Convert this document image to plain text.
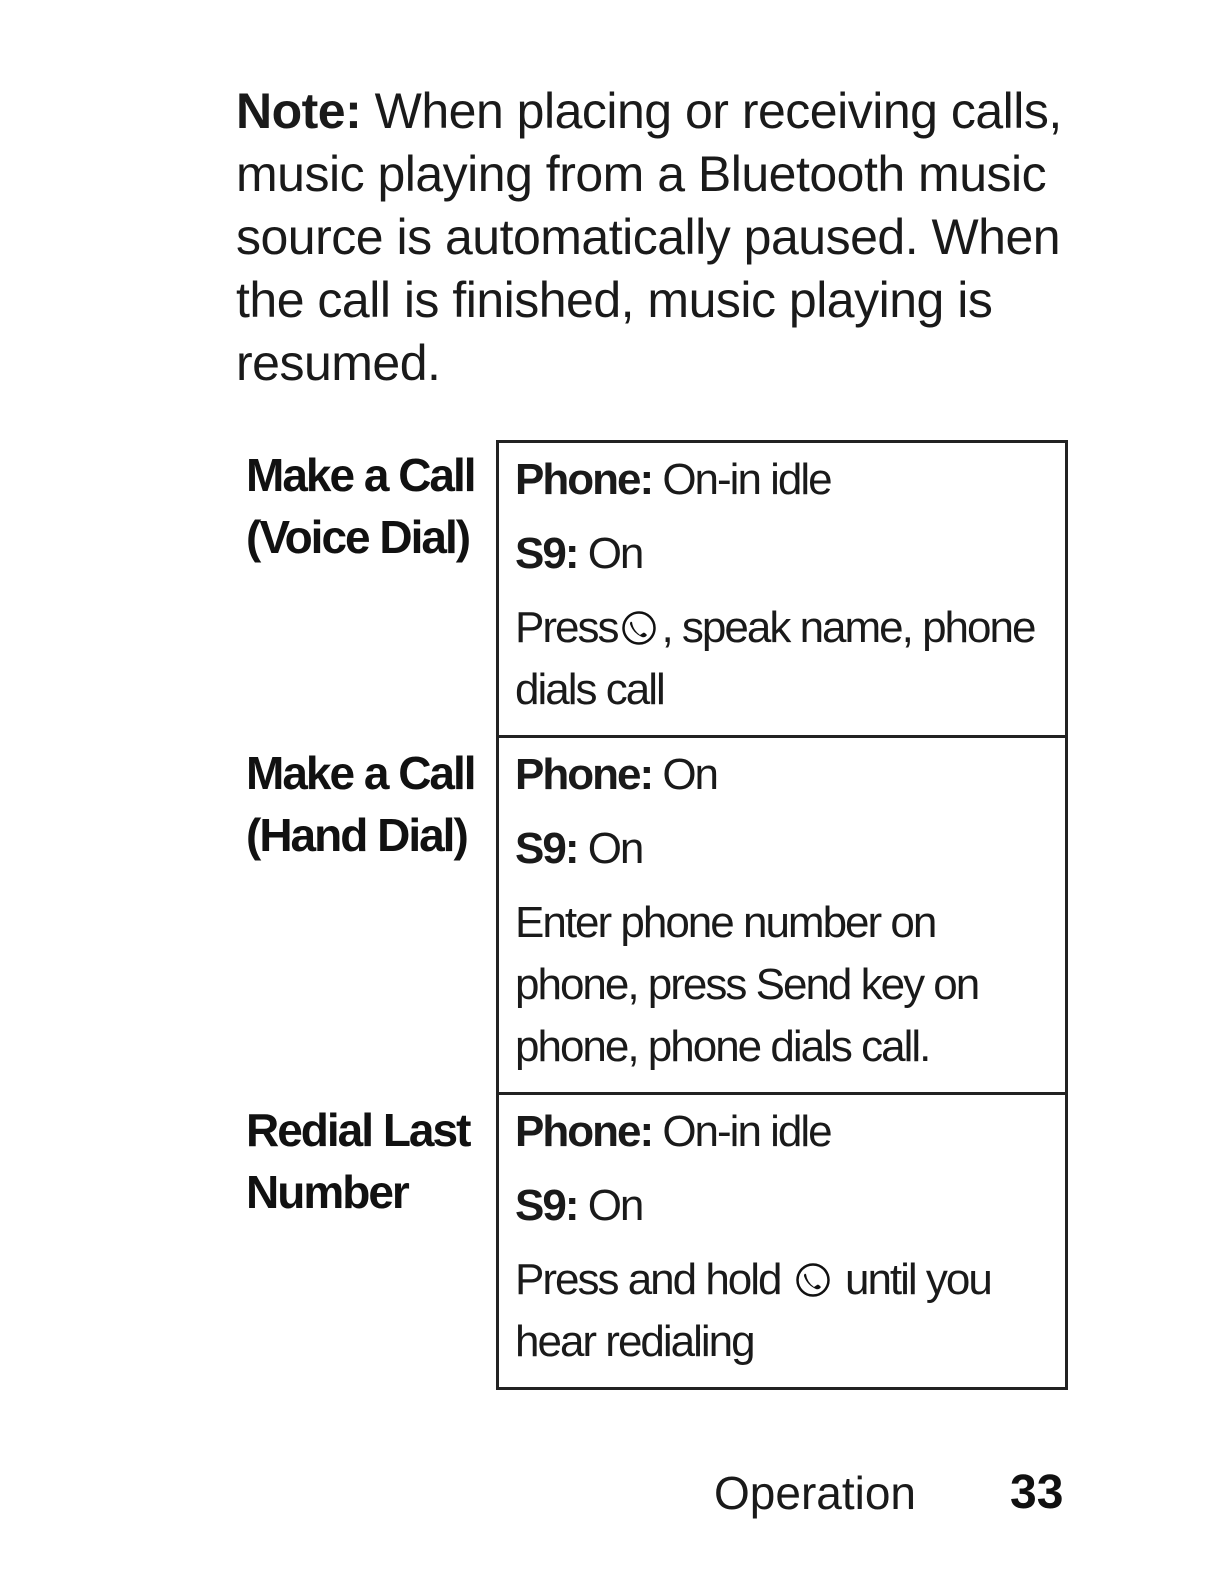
Note: When placing or receiving calls, music playing from a Bluetooth music source is automatically paused. When the call is finished, music playing is resumed.

Make a Call
(Voice Dial)
Phone: On-in idle
S9: On
Press , speak name, phone dials call
Make a Call
(Hand Dial)
Phone: On
S9: On
Enter phone number on phone, press Send key on phone, phone dials call.
Redial Last
Number
Phone: On-in idle
S9: On
Press and hold  until you hear redialing
Operation 33
